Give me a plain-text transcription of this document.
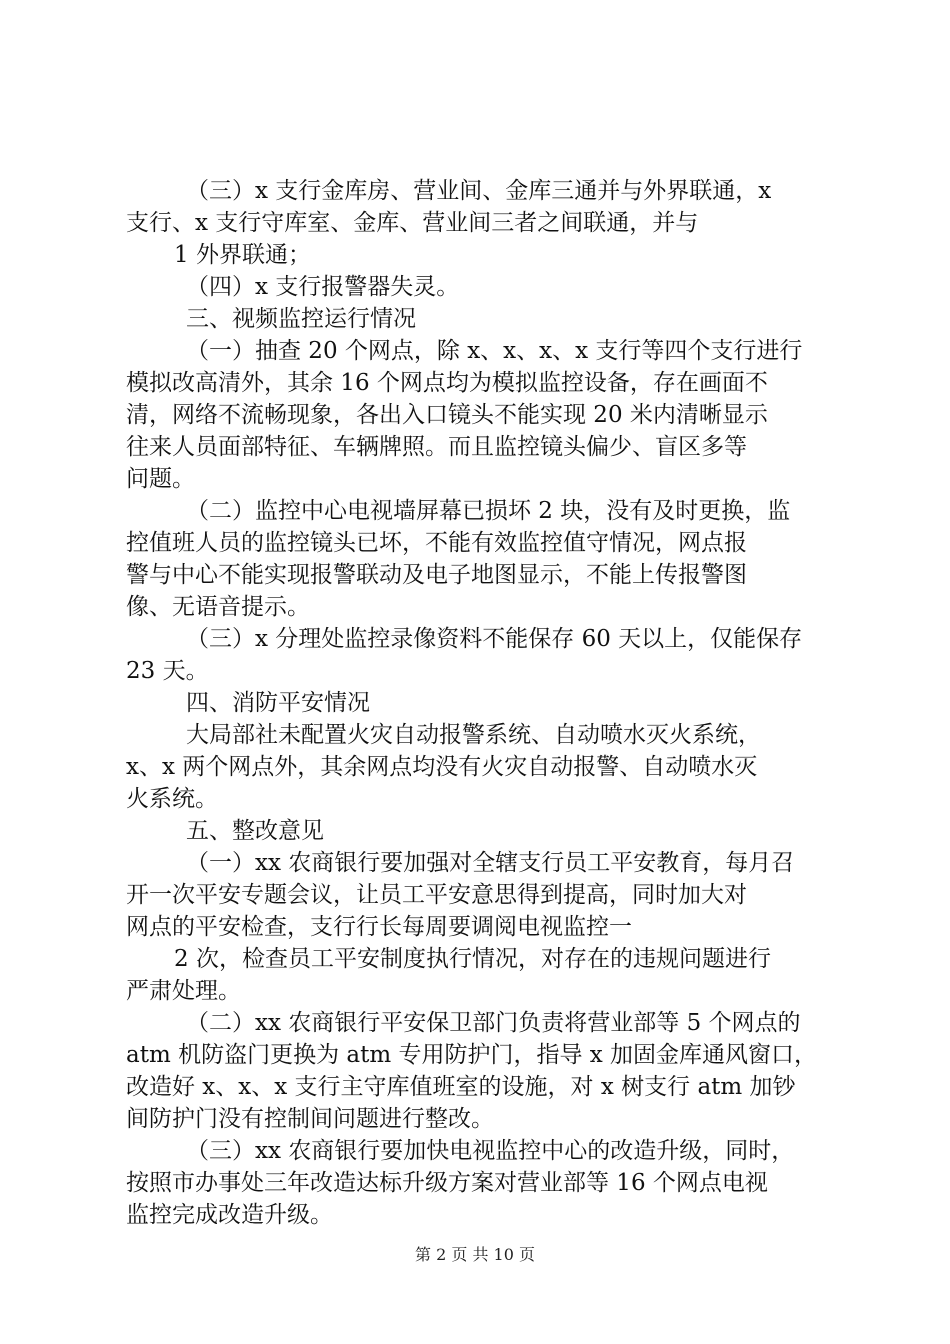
（三）x 支行金库房、营业间、金库三通并与外界联通，x

支行、x 支行守库室、金库、营业间三者之间联通，并与

1 外界联通；

（四）x 支行报警器失灵。

三、视频监控运行情况

（一）抽查 20 个网点，除 x、x、x、x 支行等四个支行进行

模拟改高清外，其余 16 个网点均为模拟监控设备，存在画面不

清，网络不流畅现象，各出入口镜头不能实现 20 米内清晰显示

往来人员面部特征、车辆牌照。而且监控镜头偏少、盲区多等

问题。

（二）监控中心电视墙屏幕已损坏 2 块，没有及时更换，监

控值班人员的监控镜头已坏，不能有效监控值守情况，网点报

警与中心不能实现报警联动及电子地图显示，不能上传报警图

像、无语音提示。

（三）x 分理处监控录像资料不能保存 60 天以上，仅能保存

23 天。

四、消防平安情况

大局部社未配置火灾自动报警系统、自动喷水灭火系统，

x、x 两个网点外，其余网点均没有火灾自动报警、自动喷水灭

火系统。

五、整改意见

（一）xx 农商银行要加强对全辖支行员工平安教育，每月召

开一次平安专题会议，让员工平安意思得到提高，同时加大对

网点的平安检查，支行行长每周要调阅电视监控一

2 次，检查员工平安制度执行情况，对存在的违规问题进行

严肃处理。

（二）xx 农商银行平安保卫部门负责将营业部等 5 个网点的

atm 机防盗门更换为 atm 专用防护门，指导 x 加固金库通风窗口，

改造好 x、x、x 支行主守库值班室的设施，对 x 树支行 atm 加钞

间防护门没有控制间问题进行整改。

（三）xx 农商银行要加快电视监控中心的改造升级，同时，

按照市办事处三年改造达标升级方案对营业部等 16 个网点电视

监控完成改造升级。

第 2 页 共 10 页
